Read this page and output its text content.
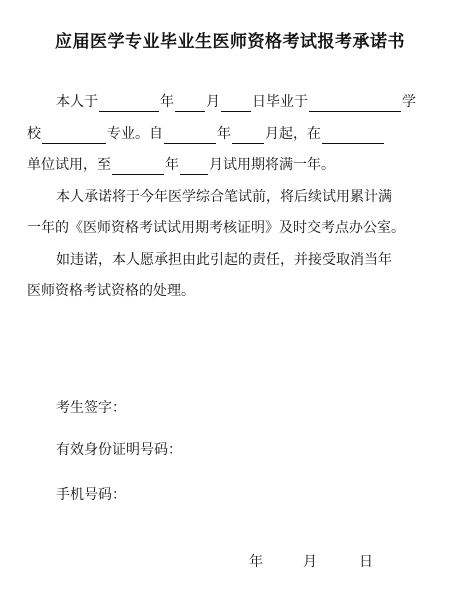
应届医学专业毕业生医师资格考试报考承诺书
本人于	年 月 日毕业于	学
校	专业。自	年 月起，在
单位试用，至	年 月试用期将满一年。
本人承诺将于今年医学综合笔试前，将后续试用累计满
一年的《医师资格考试试用期考核证明》及时交考点办公室。
如违诺，本人愿承担由此引起的责任，并接受取消当年
医师资格考试资格的处理。
考生签字：
有效身份证明号码：
手机号码：
年	月	日
